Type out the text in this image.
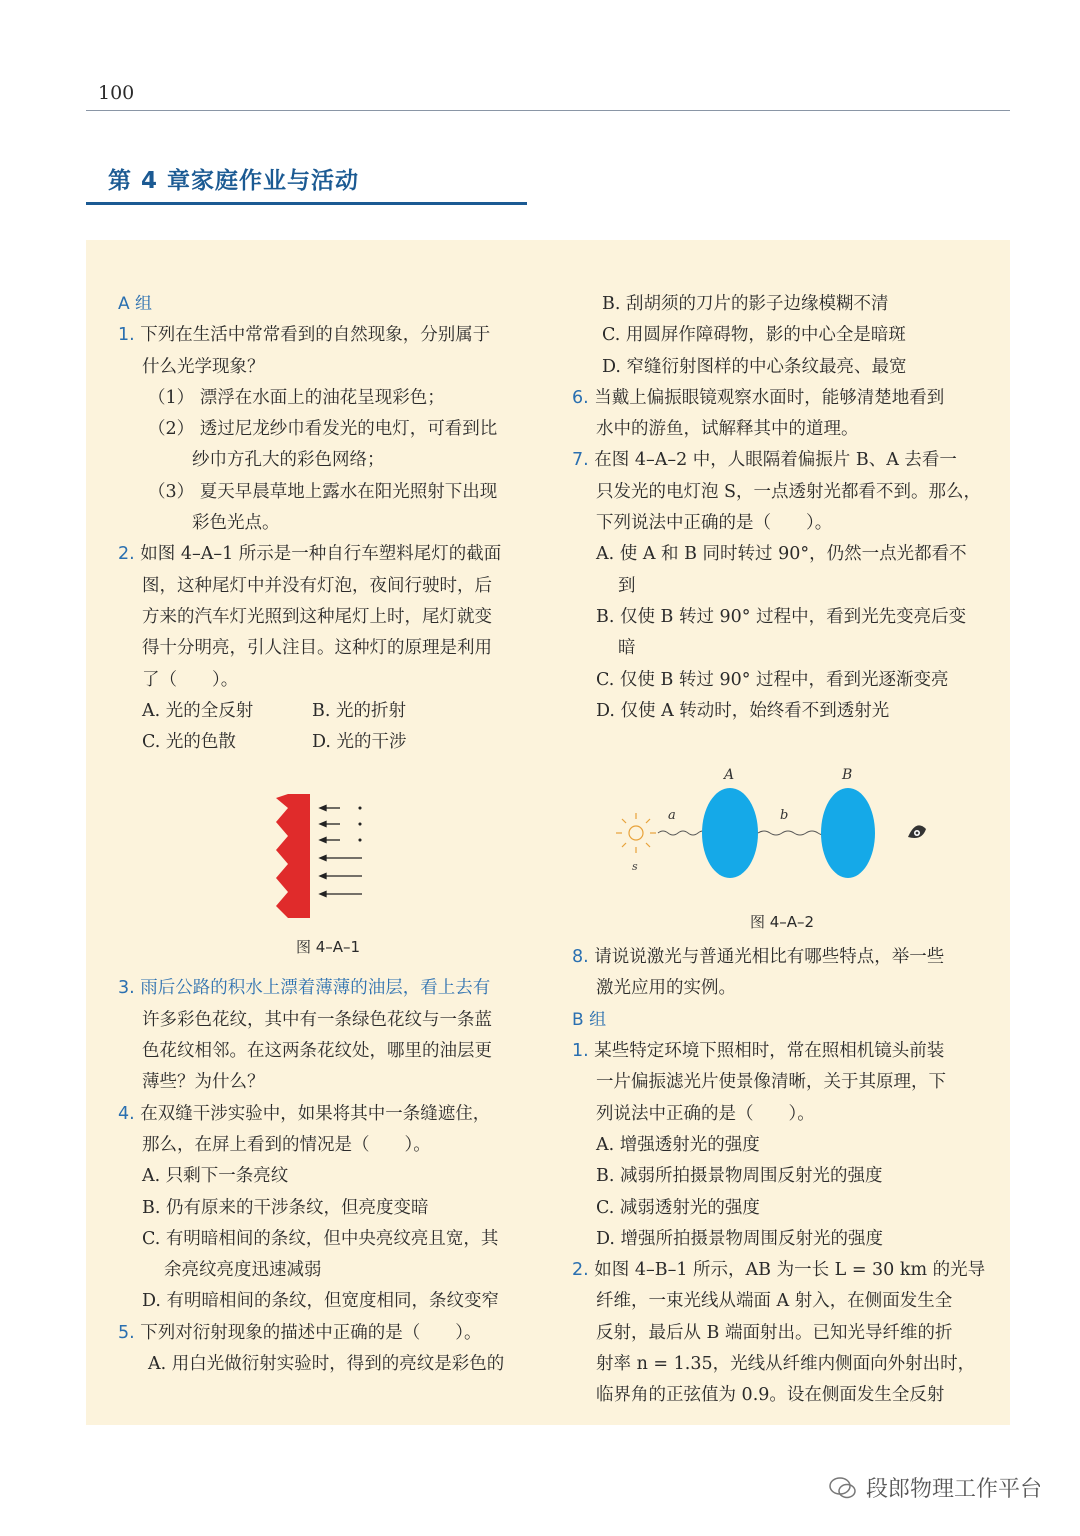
100
第 4 章家庭作业与活动
A 组
1. 下列在生活中常常看到的自然现象，分别属于
什么光学现象？
（1） 漂浮在水面上的油花呈现彩色；
（2） 透过尼龙纱巾看发光的电灯，可看到比
纱巾方孔大的彩色网络；
（3） 夏天早晨草地上露水在阳光照射下出现
彩色光点。
2. 如图 4–A–1 所示是一种自行车塑料尾灯的截面
图，这种尾灯中并没有灯泡，夜间行驶时，后
方来的汽车灯光照到这种尾灯上时，尾灯就变
得十分明亮，引人注目。这种灯的原理是利用
了（　　）。
A. 光的全反射	B. 光的折射
C. 光的色散	D. 光的干涉
图 4–A–1
3. 雨后公路的积水上漂着薄薄的油层，看上去有
许多彩色花纹，其中有一条绿色花纹与一条蓝
色花纹相邻。在这两条花纹处，哪里的油层更
薄些？为什么？
4. 在双缝干涉实验中，如果将其中一条缝遮住，
那么，在屏上看到的情况是（　　）。
A. 只剩下一条亮纹
B. 仍有原来的干涉条纹，但亮度变暗
C. 有明暗相间的条纹，但中央亮纹亮且宽，其
余亮纹亮度迅速减弱
D. 有明暗相间的条纹，但宽度相同，条纹变窄
5. 下列对衍射现象的描述中正确的是（　　）。
A. 用白光做衍射实验时，得到的亮纹是彩色的
B. 刮胡须的刀片的影子边缘模糊不清
C. 用圆屏作障碍物，影的中心全是暗斑
D. 窄缝衍射图样的中心条纹最亮、最宽
6. 当戴上偏振眼镜观察水面时，能够清楚地看到
水中的游鱼，试解释其中的道理。
7. 在图 4–A–2 中，人眼隔着偏振片 B、A 去看一
只发光的电灯泡 S，一点透射光都看不到。那么，
下列说法中正确的是（　　）。
A. 使 A 和 B 同时转过 90°，仍然一点光都看不
到
B. 仅使 B 转过 90° 过程中，看到光先变亮后变
暗
C. 仅使 B 转过 90° 过程中，看到光逐渐变亮
D. 仅使 A 转动时，始终看不到透射光
s
a
A
b
B
图 4–A–2
8. 请说说激光与普通光相比有哪些特点，举一些
激光应用的实例。
B 组
1. 某些特定环境下照相时，常在照相机镜头前装
一片偏振滤光片使景像清晰，关于其原理，下
列说法中正确的是（　　）。
A. 增强透射光的强度
B. 减弱所拍摄景物周围反射光的强度
C. 减弱透射光的强度
D. 增强所拍摄景物周围反射光的强度
2. 如图 4–B–1 所示，AB 为一长 L = 30 km 的光导
纤维，一束光线从端面 A 射入，在侧面发生全
反射，最后从 B 端面射出。已知光导纤维的折
射率 n = 1.35，光线从纤维内侧面向外射出时，
临界角的正弦值为 0.9。设在侧面发生全反射
段郎物理工作平台
